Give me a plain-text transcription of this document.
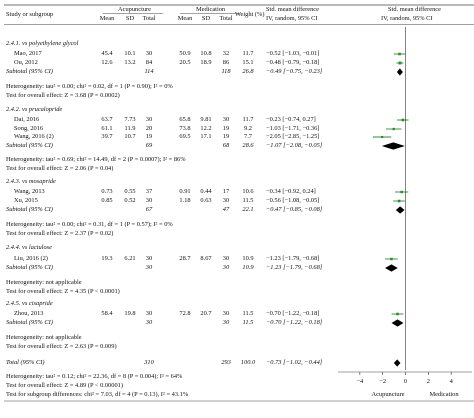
Study or subgroup
Acupuncture	Medication
Mean	SD	Total	Mean	SD	Total
Weight (%)
Std. mean difference
IV, random, 95% CI
Std. mean difference
IV, random, 95% CI
2.4.1. vs polyethylene glycol
Mao, 2017	45.4	10.1	30	50.9	10.8	32	11.7	−0.52 [−1.03, −0.01]
Ou, 2012	12.6	13.2	84	20.5	18.9	86	15.1	−0.48 [−0.79, −0.18]
Subtotal (95% CI)	114	118	26.8	−0.49 [−0.75, −0.23]
Heterogeneity: tau² = 0.00; chi² = 0.02, df = 1 (P = 0.90); I² = 0%
Test for overall effect: Z = 3.68 (P = 0.0002)
2.4.2. vs prucalopride
Dai, 2016	63.7	7.73	30	65.8	9.81	30	11.7	−0.23 [−0.74, 0.27]
Song, 2016	61.1	11.9	20	73.8	12.2	19	9.2	−1.03 [−1.71, −0.36]
Wang, 2016 (2)	39.7	10.7	19	69.5	17.1	19	7.7	−2.05 [−2.85, −1.25]
Subtotal (95% CI)	69	68	28.6	−1.07 [−2.08, −0.05]
Heterogeneity: tau² = 0.69; chi² = 14.49, df = 2 (P = 0.0007); I² = 86%
Test for overall effect: Z = 2.06 (P = 0.04)
2.4.3. vs mosapride
Wang, 2013	0.73	0.55	37	0.91	0.44	17	10.6	−0.34 [−0.92, 0.24]
Xu, 2015	0.85	0.52	30	1.18	0.63	30	11.5	−0.56 [−1.08, −0.05]
Subtotal (95% CI)	67	47	22.1	−0.47 [−0.85, −0.08]
Heterogeneity: tau² = 0.00; chi² = 0.31, df = 1 (P = 0.57); I² = 0%
Test for overall effect: Z = 2.37 (P = 0.02)
2.4.4. vs lactulose
Liu, 2016 (2)	19.3	6.21	30	28.7	8.67	30	10.9	−1.23 [−1.79, −0.68]
Subtotal (95% CI)	30	30	10.9	−1.23 [−1.79, −0.68]
Heterogeneity: not applicable
Test for overall effect: Z = 4.35 (P < 0.0001)
2.4.5. vs cisapride
Zhou, 2013	58.4	19.8	30	72.8	20.7	30	11.5	−0.70 [−1.22, −0.18]
Subtotal (95% CI)	30	30	11.5	−0.70 [−1.22, −0.18]
Heterogeneity: not applicable
Test for overall effect: Z = 2.63 (P = 0.009)
Total (95% CI)	310	293	100.0	−0.73 [−1.02, −0.44]
Heterogeneity: tau² = 0.12; chi² = 22.36, df = 8 (P = 0.004); I² = 64%
Test for overall effect: Z = 4.89 (P < 0.00001)
Test for subgroup differences: chi² = 7.03, df = 4 (P = 0.13), I² = 43.1%
−4	−2	0	2	4
Acupuncture	Medication
